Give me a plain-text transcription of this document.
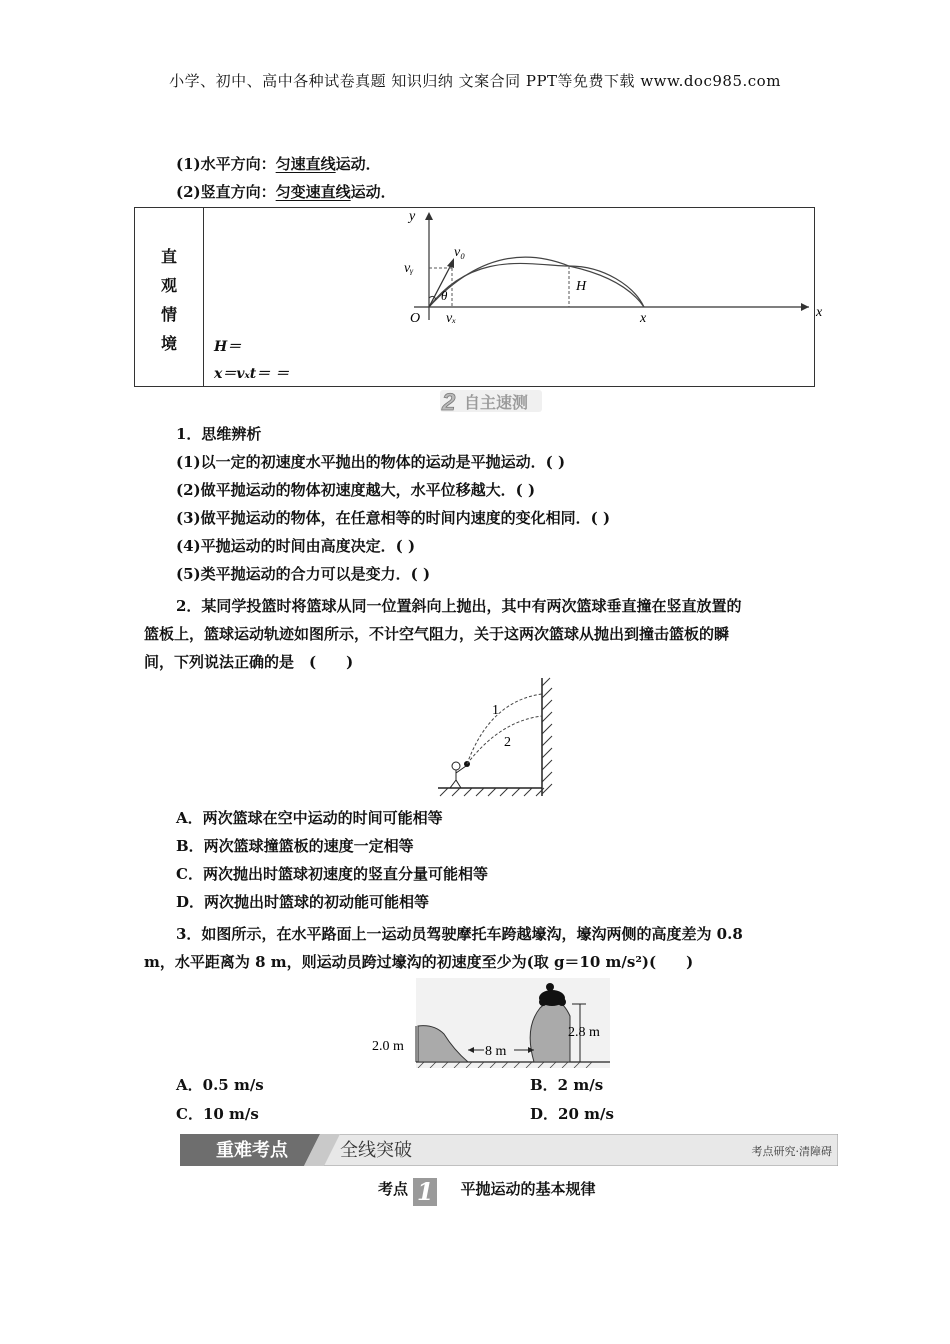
小学、初中、高中各种试卷真题 知识归纳 文案合同 PPT等免费下载 www.doc985.com
(1)水平方向：匀速直线运动．
(2)竖直方向：匀变速直线运动．
直
观
情
境

y
x
v₀
vᵧ
vₓ
θ
H
O	x
H＝
x＝vₓt＝ ＝
2 自主速测
1．思维辨析
(1)以一定的初速度水平抛出的物体的运动是平抛运动．( )
(2)做平抛运动的物体初速度越大，水平位移越大．( )
(3)做平抛运动的物体，在任意相等的时间内速度的变化相同．( )
(4)平抛运动的时间由高度决定．( )
(5)类平抛运动的合力可以是变力．( )
2．某同学投篮时将篮球从同一位置斜向上抛出，其中有两次篮球垂直撞在竖直放置的
篮板上，篮球运动轨迹如图所示，不计空气阻力，关于这两次篮球从抛出到撞击篮板的瞬
间，下列说法正确的是　(　　)
1
2
A．两次篮球在空中运动的时间可能相等
B．两次篮球撞篮板的速度一定相等
C．两次抛出时篮球初速度的竖直分量可能相等
D．两次抛出时篮球的初动能可能相等
3．如图所示，在水平路面上一运动员驾驶摩托车跨越壕沟，壕沟两侧的高度差为 0.8
m，水平距离为 8 m，则运动员跨过壕沟的初速度至少为(取 g＝10 m/s²)(　　)
2.0 m	8 m
2.8 m
A．0.5 m/s	B．2 m/s
C．10 m/s	D．20 m/s
重难考点	全线突破	考点研究·清障碍
考点 1 平抛运动的基本规律
